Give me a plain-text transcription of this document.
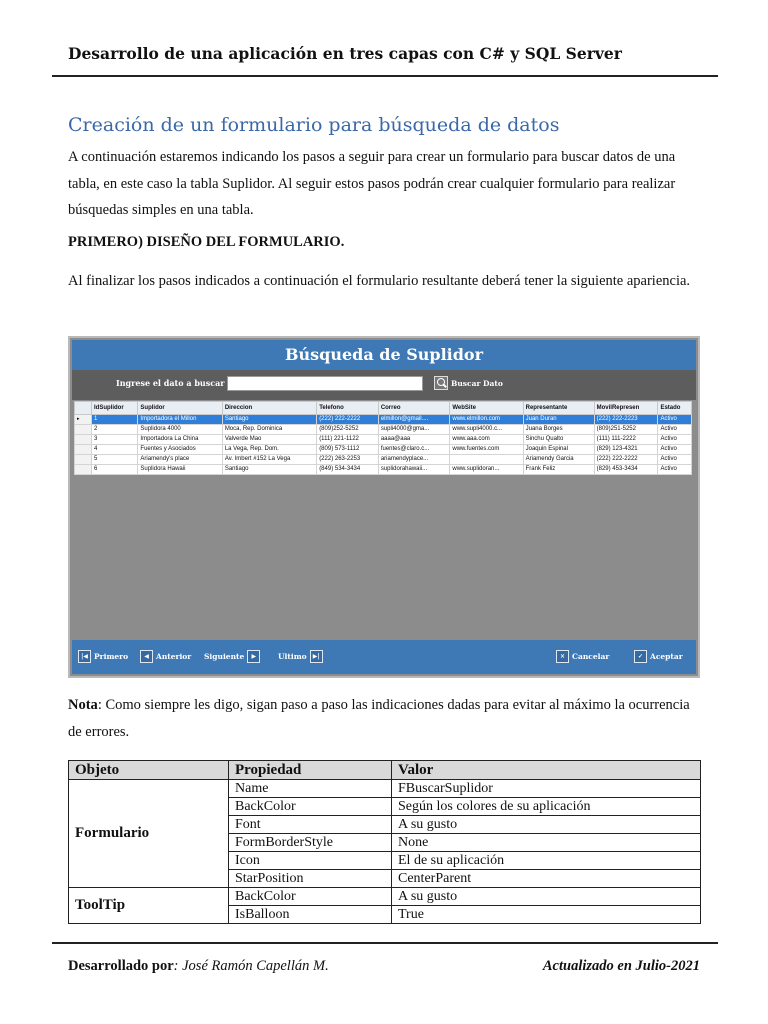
Desarrollo de una aplicación en tres capas con C# y SQL Server
Creación de un formulario para búsqueda de datos
A continuación estaremos indicando los pasos a seguir para crear un formulario para buscar datos de una tabla, en este caso la tabla Suplidor. Al seguir estos pasos podrán crear cualquier formulario para realizar búsquedas simples en una tabla.
PRIMERO) DISEÑO DEL FORMULARIO.
Al finalizar los pasos indicados a continuación el formulario resultante deberá tener la siguiente apariencia.
Búsqueda de Suplidor
Ingrese el dato a buscar	Buscar Dato
	IdSuplidor	Suplidor	Direccion	Telefono	Correo	WebSite	Representante	MovilRepresen	Estado
▸	1	Importadora el Millon	Santiago	(222) 222-2222	elmillon@gmail....	www.elmillon.com	Juan Duran	(222) 222-2223	Activo
	2	Suplidora 4000	Moca, Rep. Dominica	(809)252-5252	supli4000@gma...	www.supli4000.c...	Juana Borges	(809)251-5252	Activo
	3	Importadora La China	Valverde Mao	(111) 221-1122	aaaa@aaa	www.aaa.com	Sinchu Qualto	(111) 111-2222	Activo
	4	Fuentes y Asociados	La Vega, Rep. Dom.	(809) 573-1112	fuentes@claro.c...	www.fuentes.com	Joaquin Espinal	(829) 123-4321	Activo
	5	Ariamendy's place	Av. Imbert #152 La Vega	(222) 263-2253	ariamendyplace...		Ariamendy Garcia	(222) 222-2222	Activo
	6	Suplidora Hawaii	Santiago	(849) 534-3434	suplidorahawaii...	www.suplidoran...	Frank Feliz	(829) 453-3434	Activo
|◀ Primero	◀ Anterior Siguiente	▶	Ultimo	▶|	× Cancelar	✓ Aceptar
Nota: Como siempre les digo, sigan paso a paso las indicaciones dadas para evitar al máximo la ocurrencia de errores.
Objeto	Propiedad	Valor
Formulario	Name	FBuscarSuplidor
	BackColor	Según los colores de su aplicación
	Font	A su gusto
	FormBorderStyle	None
	Icon	El de su aplicación
	StarPosition	CenterParent
ToolTip	BackColor	A su gusto
	IsBalloon	True
Desarrollado por: José Ramón Capellán M.	Actualizado en Julio-2021
